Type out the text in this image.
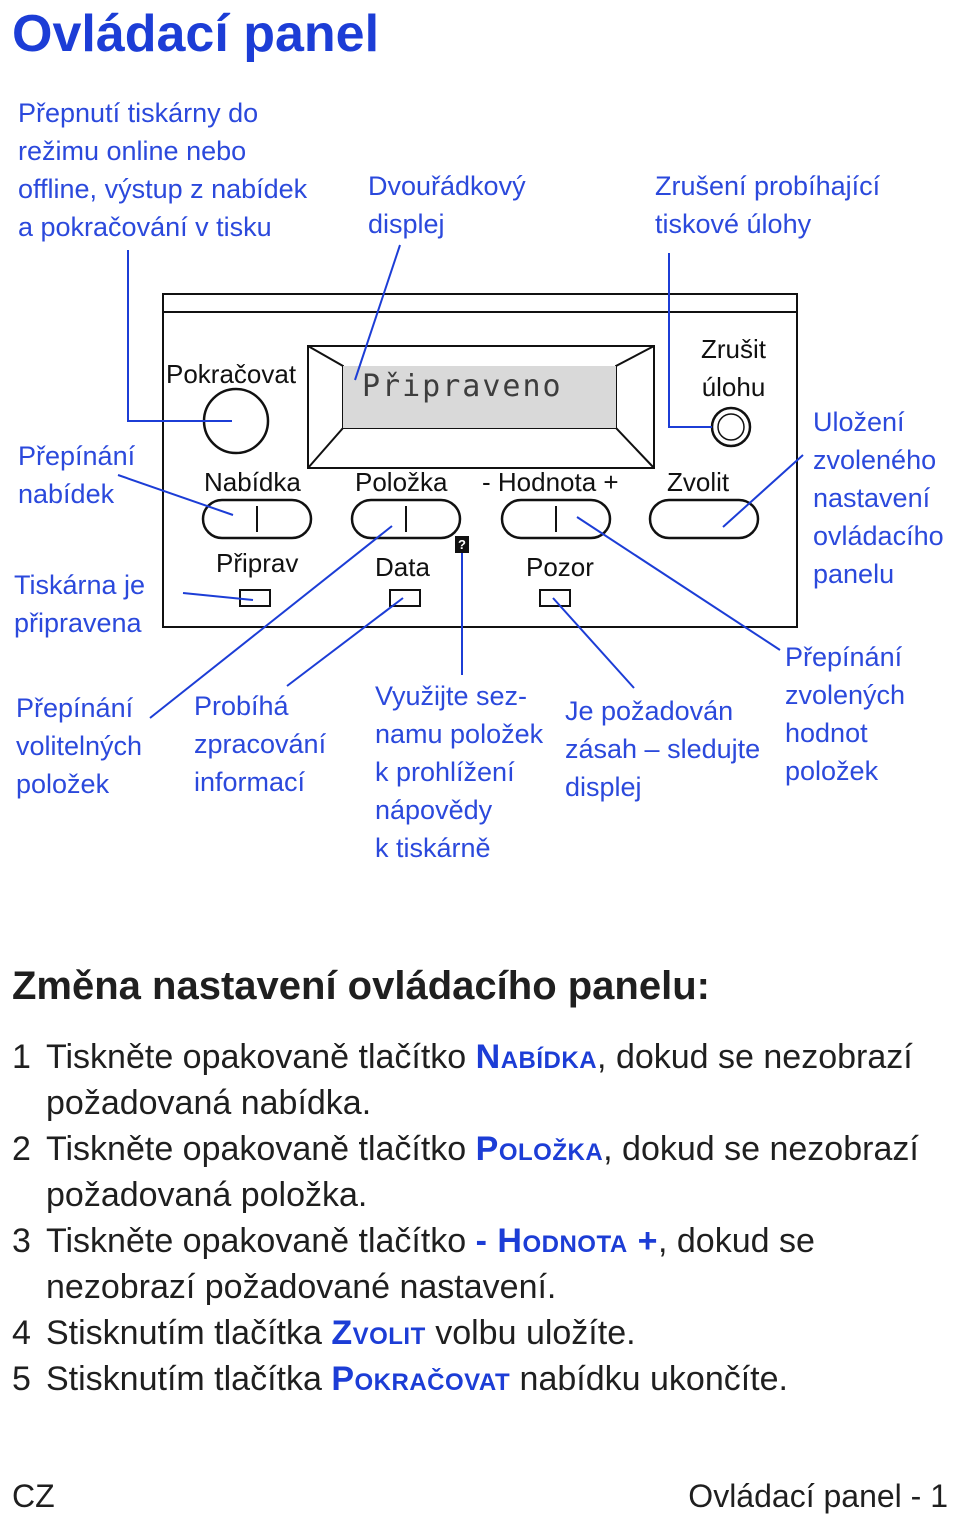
Ovládací panel
Přepnutí tiskárny do
režimu online nebo
offline, výstup z nabídek
a pokračování v tisku
Dvouřádkový
displej
Zrušení probíhající
tiskové úlohy
Přepínání
nabídek
Tiskárna je
připravena
Přepínání
volitelných
položek
Probíhá
zpracování
informací
Využijte sez-
namu položek
k prohlížení
nápovědy
k tiskárně
Je požadován
zásah – sledujte
displej
Uložení
zvoleného
nastavení
ovládacího
panelu
Přepínání
zvolených
hodnot
položek
Připraveno
?
Pokračovat
Zrušit
úlohu
Nabídka Položka - Hodnota + Zvolit
Připrav	Data	Pozor
Změna nastavení ovládacího panelu:
1 Tiskněte opakovaně tlačítko Nabídka, dokud se nezobrazí požadovaná nabídka.
2 Tiskněte opakovaně tlačítko Položka, dokud se nezobrazí požadovaná položka.
3 Tiskněte opakovaně tlačítko - Hodnota +, dokud se nezobrazí požadované nastavení.
4 Stisknutím tlačítka Zvolit volbu uložíte.
5 Stisknutím tlačítka Pokračovat nabídku ukončíte.

CZ	Ovládací panel - 1
